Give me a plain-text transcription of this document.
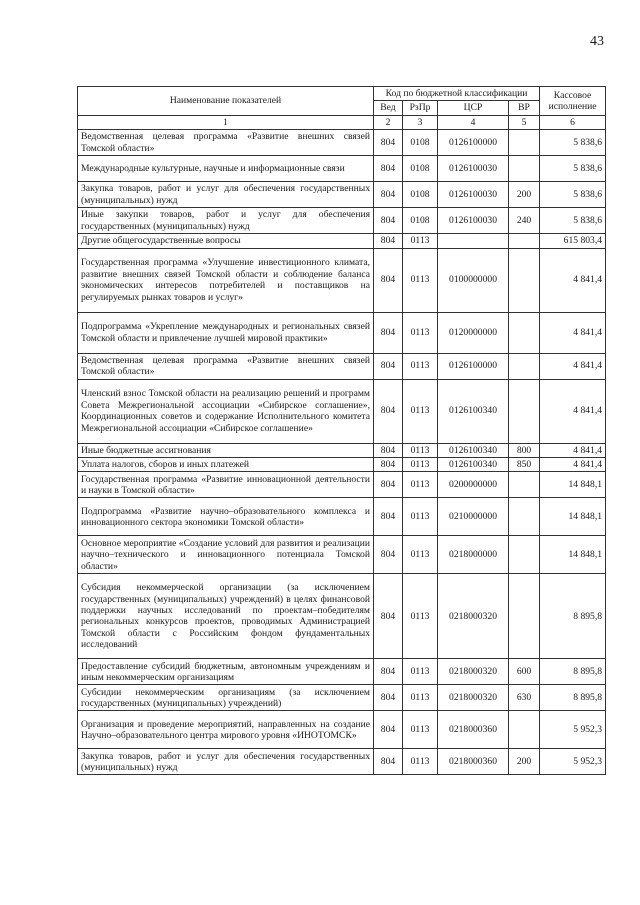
43
Наименование показателей	Код по бюджетной классификации				Кассовое исполнение
	Вед	РзПр	ЦСР	ВР	
1	2	3	4	5	6
Ведомственная целевая программа «Развитие внешних связей Томской области»	804	0108	0126100000		5 838,6
Международные культурные, научные и информационные связи	804	0108	0126100030		5 838,6
Закупка товаров, работ и услуг для обеспечения государственных (муниципальных) нужд	804	0108	0126100030	200	5 838,6
Иные закупки товаров, работ и услуг для обеспечения государственных (муниципальных) нужд	804	0108	0126100030	240	5 838,6
Другие общегосударственные вопросы	804	0113			615 803,4
Государственная программа «Улучшение инвестиционного климата, развитие внешних связей Томской области и соблюдение баланса экономических интересов потребителей и поставщиков на регулируемых рынках товаров и услуг»	804	0113	0100000000		4 841,4
Подпрограмма «Укрепление международных и региональных связей Томской области и привлечение лучшей мировой практики»	804	0113	0120000000		4 841,4
Ведомственная целевая программа «Развитие внешних связей Томской области»	804	0113	0126100000		4 841,4
Членский взнос Томской области на реализацию решений и программ Совета Межрегиональной ассоциации «Сибирское соглашение», Координационных советов и содержание Исполнительного комитета Межрегиональной ассоциации «Сибирское соглашение»	804	0113	0126100340		4 841,4
Иные бюджетные ассигнования	804	0113	0126100340	800	4 841,4
Уплата налогов, сборов и иных платежей	804	0113	0126100340	850	4 841,4
Государственная программа «Развитие инновационной деятельности и науки в Томской области»	804	0113	0200000000		14 848,1
Подпрограмма «Развитие научно–образовательного комплекса и инновационного сектора экономики Томской области»	804	0113	0210000000		14 848,1
Основное мероприятие «Создание условий для развития и реализации научно–технического и инновационного потенциала Томской области»	804	0113	0218000000		14 848,1
Субсидия некоммерческой организации (за исключением государственных (муниципальных) учреждений) в целях финансовой поддержки научных исследований по проектам–победителям региональных конкурсов проектов, проводимых Администрацией Томской области с Российским фондом фундаментальных исследований	804	0113	0218000320		8 895,8
Предоставление субсидий бюджетным, автономным учреждениям и иным некоммерческим организациям	804	0113	0218000320	600	8 895,8
Субсидии некоммерческим организациям (за исключением государственных (муниципальных) учреждений)	804	0113	0218000320	630	8 895,8
Организация и проведение мероприятий, направленных на создание Научно–образовательного центра мирового уровня «ИНОТОМСК»	804	0113	0218000360		5 952,3
Закупка товаров, работ и услуг для обеспечения государственных (муниципальных) нужд	804	0113	0218000360	200	5 952,3
